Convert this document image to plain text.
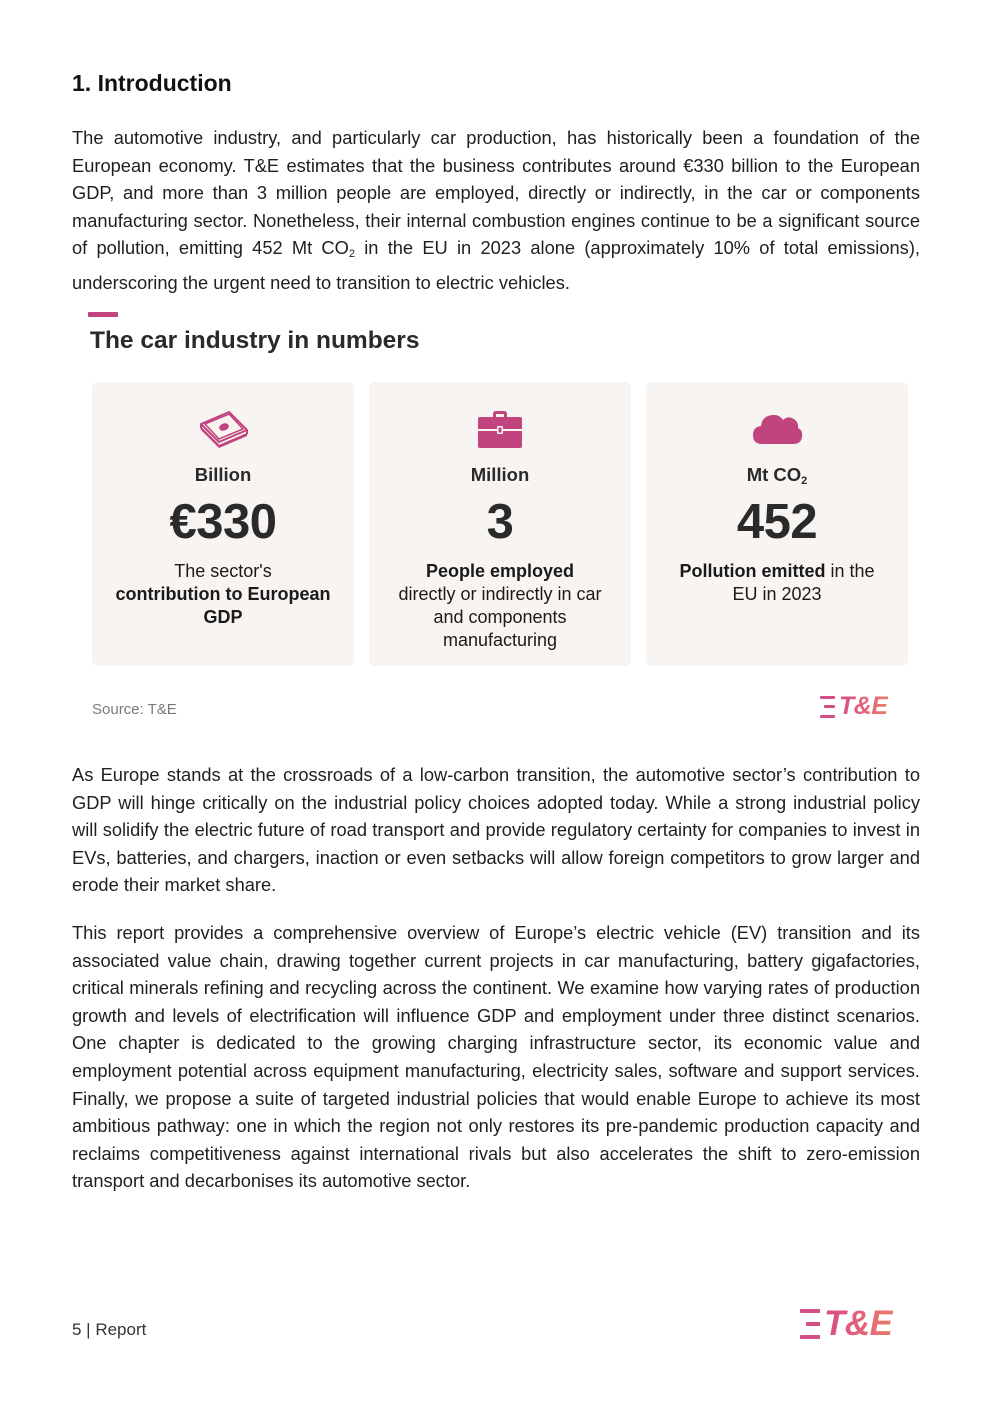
1. Introduction

The automotive industry, and particularly car production, has historically been a foundation of the European economy. T&E estimates that the business contributes around €330 billion to the European GDP, and more than 3 million people are employed, directly or indirectly, in the car or components manufacturing sector. Nonetheless, their internal combustion engines continue to be a significant source of pollution, emitting 452 Mt $CO_2$ in the EU in 2023 alone (approximately 10% of total emissions), underscoring the urgent need to transition to electric vehicles.

The car industry in numbers
Billion
€330
The sector's
contribution to European GDP
Million
3
People employed
directly or indirectly in car and components manufacturing
Mt $CO_2$
452
Pollution emitted in the EU in 2023
Source: T&E	T&E

As Europe stands at the crossroads of a low-carbon transition, the automotive sector’s contribution to GDP will hinge critically on the industrial policy choices adopted today. While a strong industrial policy will solidify the electric future of road transport and provide regulatory certainty for companies to invest in EVs, batteries, and chargers, inaction or even setbacks will allow foreign competitors to grow larger and erode their market share.

This report provides a comprehensive overview of Europe’s electric vehicle (EV) transition and its associated value chain, drawing together current projects in car manufacturing, battery gigafactories, critical minerals refining and recycling across the continent. We examine how varying rates of production growth and levels of electrification will influence GDP and employment under three distinct scenarios. One chapter is dedicated to the growing charging infrastructure sector, its economic value and employment potential across equipment manufacturing, electricity sales, software and support services. Finally, we propose a suite of targeted industrial policies that would enable Europe to achieve its most ambitious pathway: one in which the region not only restores its pre-pandemic production capacity and reclaims competitiveness against international rivals but also accelerates the shift to zero-emission transport and decarbonises its automotive sector.

5 | Report	T&E
